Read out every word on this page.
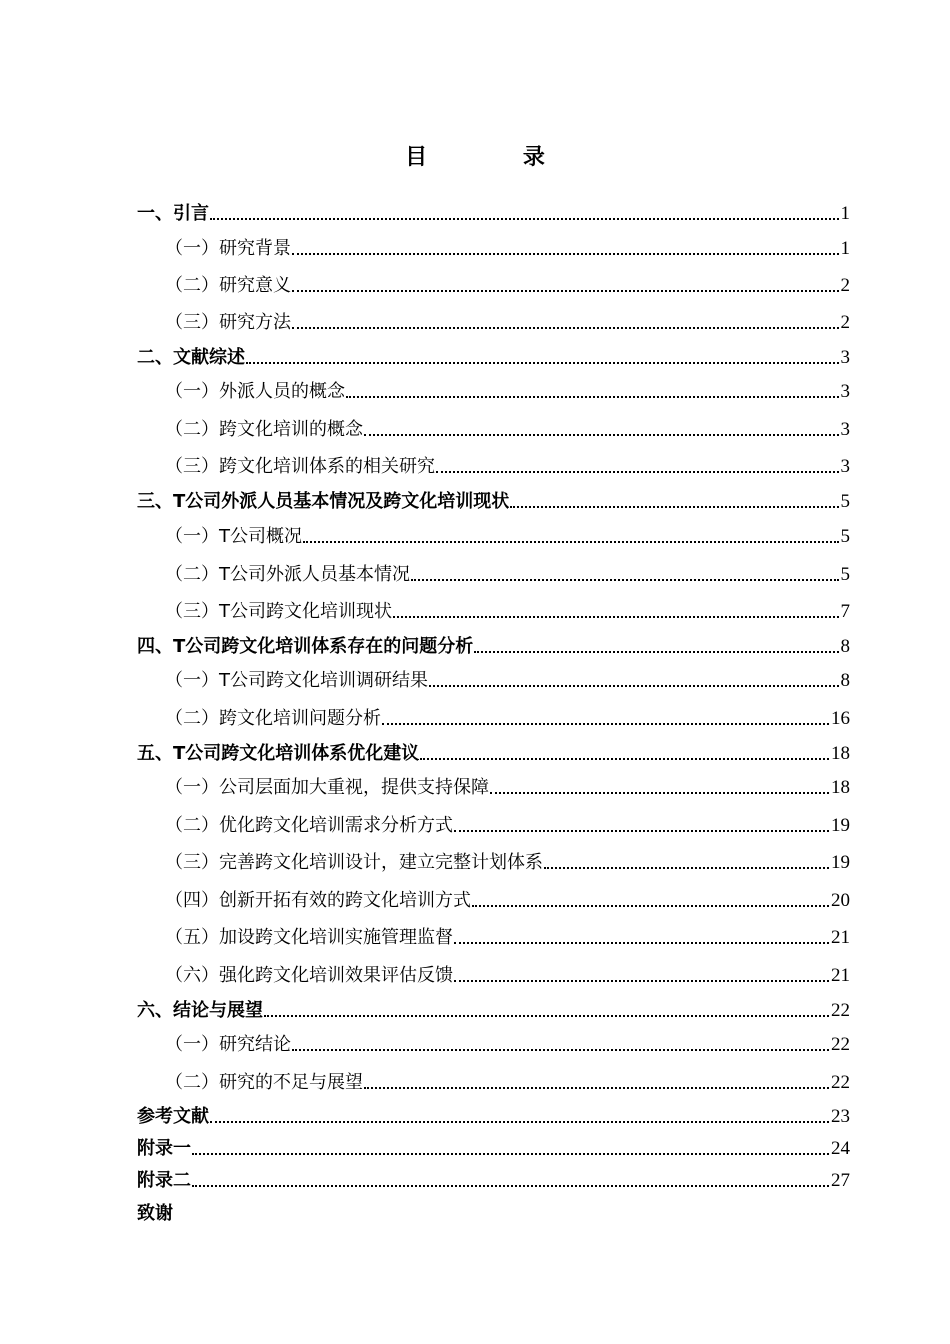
目 录
一、引言	1
（一）研究背景	1
（二）研究意义	2
（三）研究方法	2
二、文献综述	3
（一）外派人员的概念	3
（二）跨文化培训的概念	3
（三）跨文化培训体系的相关研究	3
三、T公司外派人员基本情况及跨文化培训现状	5
（一）T公司概况	5
（二）T公司外派人员基本情况	5
（三）T公司跨文化培训现状	7
四、T公司跨文化培训体系存在的问题分析	8
（一）T公司跨文化培训调研结果	8
（二）跨文化培训问题分析	16
五、T公司跨文化培训体系优化建议	18
（一）公司层面加大重视，提供支持保障	18
（二）优化跨文化培训需求分析方式	19
（三）完善跨文化培训设计，建立完整计划体系	19
（四）创新开拓有效的跨文化培训方式	20
（五）加设跨文化培训实施管理监督	21
（六）强化跨文化培训效果评估反馈	21
六、结论与展望	22
（一）研究结论	22
（二）研究的不足与展望	22
参考文献	23
附录一	24
附录二	27
致谢
